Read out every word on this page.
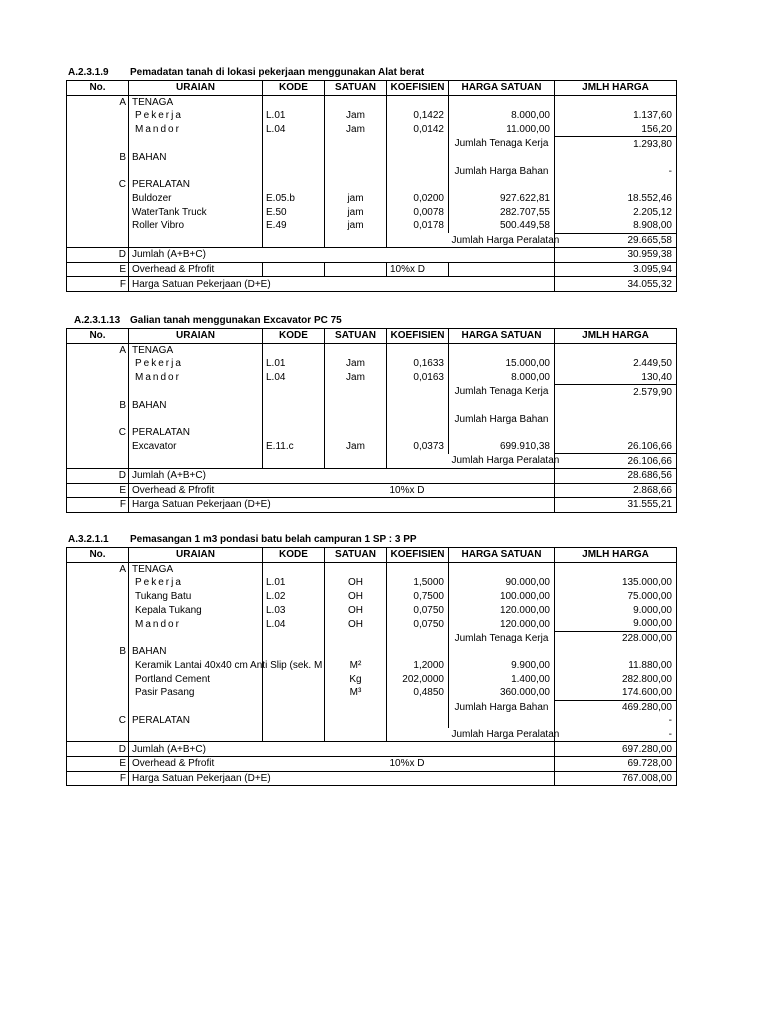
A.2.3.1.9 Pemadatan tanah di lokasi pekerjaan menggunakan Alat berat
No.	URAIAN	KODE	SATUAN	KOEFISIEN	HARGA SATUAN	JMLH HARGA
A	TENAGA					
	Pekerja	L.01	Jam	0,1422	8.000,00	1.137,60
	Mandor	L.04	Jam	0,0142	11.000,00	156,20
					Jumlah Tenaga Kerja	1.293,80
B	BAHAN					
					Jumlah Harga Bahan	-
C	PERALATAN					
	Buldozer	E.05.b	jam	0,0200	927.622,81	18.552,46
	WaterTank Truck	E.50	jam	0,0078	282.707,55	2.205,12
	Roller Vibro	E.49	jam	0,0178	500.449,58	8.908,00
					Jumlah Harga Peralatan	29.665,58
D	Jumlah (A+B+C)					30.959,38
E	Overhead & Pfrofit			10%x D		3.095,94
F	Harga Satuan Pekerjaan (D+E)					34.055,32
A.2.3.1.13 Galian tanah menggunakan Excavator PC 75
No.	URAIAN	KODE	SATUAN	KOEFISIEN	HARGA SATUAN	JMLH HARGA
A	TENAGA					
	Pekerja	L.01	Jam	0,1633	15.000,00	2.449,50
	Mandor	L.04	Jam	0,0163	8.000,00	130,40
					Jumlah Tenaga Kerja	2.579,90
B	BAHAN					
					Jumlah Harga Bahan	
C	PERALATAN					
	Excavator	E.11.c	Jam	0,0373	699.910,38	26.106,66
					Jumlah Harga Peralatan	26.106,66
D	Jumlah (A+B+C)					28.686,56
E	Overhead & Pfrofit			10%x D		2.868,66
F	Harga Satuan Pekerjaan (D+E)					31.555,21
A.3.2.1.1 Pemasangan 1 m3 pondasi batu belah campuran 1 SP : 3 PP
No.	URAIAN	KODE	SATUAN	KOEFISIEN	HARGA SATUAN	JMLH HARGA
A	TENAGA					
	Pekerja	L.01	OH	1,5000	90.000,00	135.000,00
	Tukang Batu	L.02	OH	0,7500	100.000,00	75.000,00
	Kepala Tukang	L.03	OH	0,0750	120.000,00	9.000,00
	Mandor	L.04	OH	0,0750	120.000,00	9.000,00
					Jumlah Tenaga Kerja	228.000,00
B	BAHAN					
	Keramik Lantai 40x40 cm Anti Slip (sek. M		M²	1,2000	9.900,00	11.880,00
	Portland Cement		Kg	202,0000	1.400,00	282.800,00
	Pasir Pasang		M³	0,4850	360.000,00	174.600,00
					Jumlah Harga Bahan	469.280,00
C	PERALATAN					-
					Jumlah Harga Peralatan	-
D	Jumlah (A+B+C)					697.280,00
E	Overhead & Pfrofit			10%x D		69.728,00
F	Harga Satuan Pekerjaan (D+E)					767.008,00
